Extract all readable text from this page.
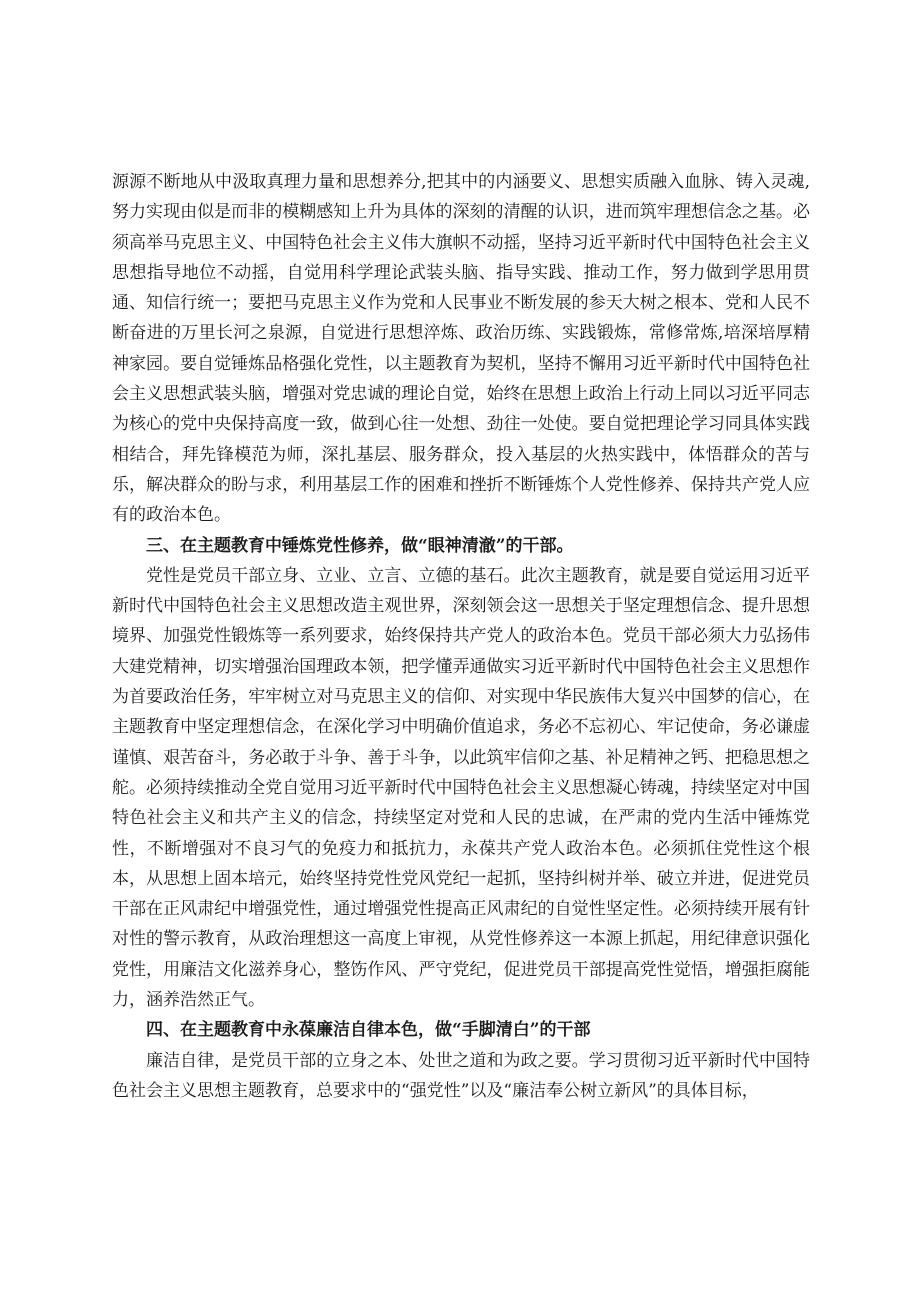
源源不断地从中汲取真理力量和思想养分,把其中的内涵要义、思想实质融入血脉、铸入灵魂,努力实现由似是而非的模糊感知上升为具体的深刻的清醒的认识，进而筑牢理想信念之基。必须高举马克思主义、中国特色社会主义伟大旗帜不动摇，坚持习近平新时代中国特色社会主义思想指导地位不动摇，自觉用科学理论武装头脑、指导实践、推动工作，努力做到学思用贯通、知信行统一；要把马克思主义作为党和人民事业不断发展的参天大树之根本、党和人民不断奋进的万里长河之泉源，自觉进行思想淬炼、政治历练、实践锻炼，常修常炼,培深培厚精神家园。要自觉锤炼品格强化党性，以主题教育为契机，坚持不懈用习近平新时代中国特色社会主义思想武装头脑，增强对党忠诚的理论自觉，始终在思想上政治上行动上同以习近平同志为核心的党中央保持高度一致，做到心往一处想、劲往一处使。要自觉把理论学习同具体实践相结合，拜先锋模范为师，深扎基层、服务群众，投入基层的火热实践中，体悟群众的苦与乐，解决群众的盼与求，利用基层工作的困难和挫折不断锤炼个人党性修养、保持共产党人应有的政治本色。
三、在主题教育中锤炼党性修养，做“眼神清澈”的干部。
党性是党员干部立身、立业、立言、立德的基石。此次主题教育，就是要自觉运用习近平新时代中国特色社会主义思想改造主观世界，深刻领会这一思想关于坚定理想信念、提升思想境界、加强党性锻炼等一系列要求，始终保持共产党人的政治本色。党员干部必须大力弘扬伟大建党精神，切实增强治国理政本领，把学懂弄通做实习近平新时代中国特色社会主义思想作为首要政治任务，牢牢树立对马克思主义的信仰、对实现中华民族伟大复兴中国梦的信心，在主题教育中坚定理想信念，在深化学习中明确价值追求，务必不忘初心、牢记使命，务必谦虚谨慎、艰苦奋斗，务必敢于斗争、善于斗争，以此筑牢信仰之基、补足精神之钙、把稳思想之舵。必须持续推动全党自觉用习近平新时代中国特色社会主义思想凝心铸魂，持续坚定对中国特色社会主义和共产主义的信念，持续坚定对党和人民的忠诚，在严肃的党内生活中锤炼党性，不断增强对不良习气的免疫力和抵抗力，永葆共产党人政治本色。必须抓住党性这个根本，从思想上固本培元，始终坚持党性党风党纪一起抓，坚持纠树并举、破立并进，促进党员干部在正风肃纪中增强党性，通过增强党性提高正风肃纪的自觉性坚定性。必须持续开展有针对性的警示教育，从政治理想这一高度上审视，从党性修养这一本源上抓起，用纪律意识强化党性，用廉洁文化滋养身心，整饬作风、严守党纪，促进党员干部提高党性觉悟，增强拒腐能力，涵养浩然正气。
四、在主题教育中永葆廉洁自律本色，做“手脚清白”的干部
廉洁自律，是党员干部的立身之本、处世之道和为政之要。学习贯彻习近平新时代中国特色社会主义思想主题教育，总要求中的“强党性”以及“廉洁奉公树立新风”的具体目标，
